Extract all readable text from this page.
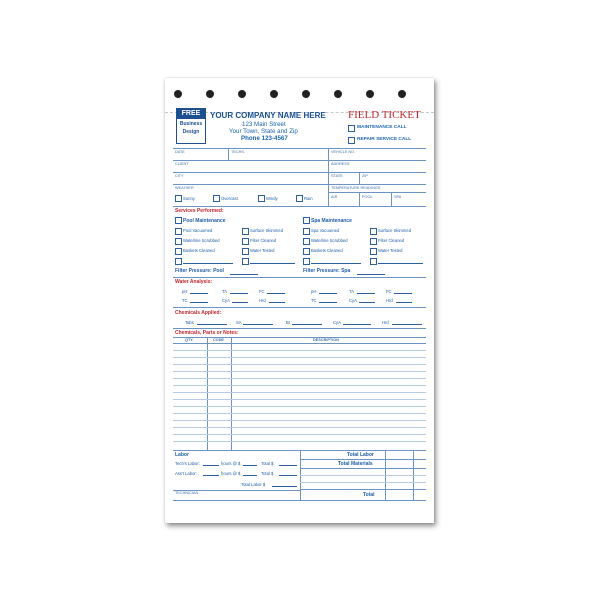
FREE
Business
Design
YOUR COMPANY NAME HERE
123 Main Street
Your Town, State and Zip
Phone 123-4567
FIELD TICKET
MAINTENANCE CALL
REPAIR SERVICE CALL
DATE	TECHS.	VEHICLE NO.
CLIENT	ADDRESS
CITY	STATE	ZIP
WEATHER	TEMPERATURE READINGS
AIR	POOL	SPA
Sunny	Overcast	Windy	Rain
Services Performed:
Pool Maintenance	Spa Maintenance
Pool Vacuumed	Surface Skimmed
Waterline Scrubbed	Filter Cleaned
Baskets Cleaned	Water Tested
Spa Vacuumed	Surface Skimmed
Waterline Scrubbed	Filter Cleaned
Baskets Cleaned	Water Tested
Filter Pressure: Pool	Filter Pressure: Spa
Water Analysis:
pH	TA	FC
TC	CyA	Hrd
pH	TA	FC
TC	CyA	Hrd
Chemicals Applied:
Tabs	SA	Br	CyA	Hrd
Chemicals, Parts or Notes:
QTY.	CODE	DESCRIPTION
Labor
Tech's Labor:	hours @ $	Total $
Ass't Labor:	hours @ $	Total $
Total Labor $
TECHNICIAN
Total Labor
Total Materials
Total
